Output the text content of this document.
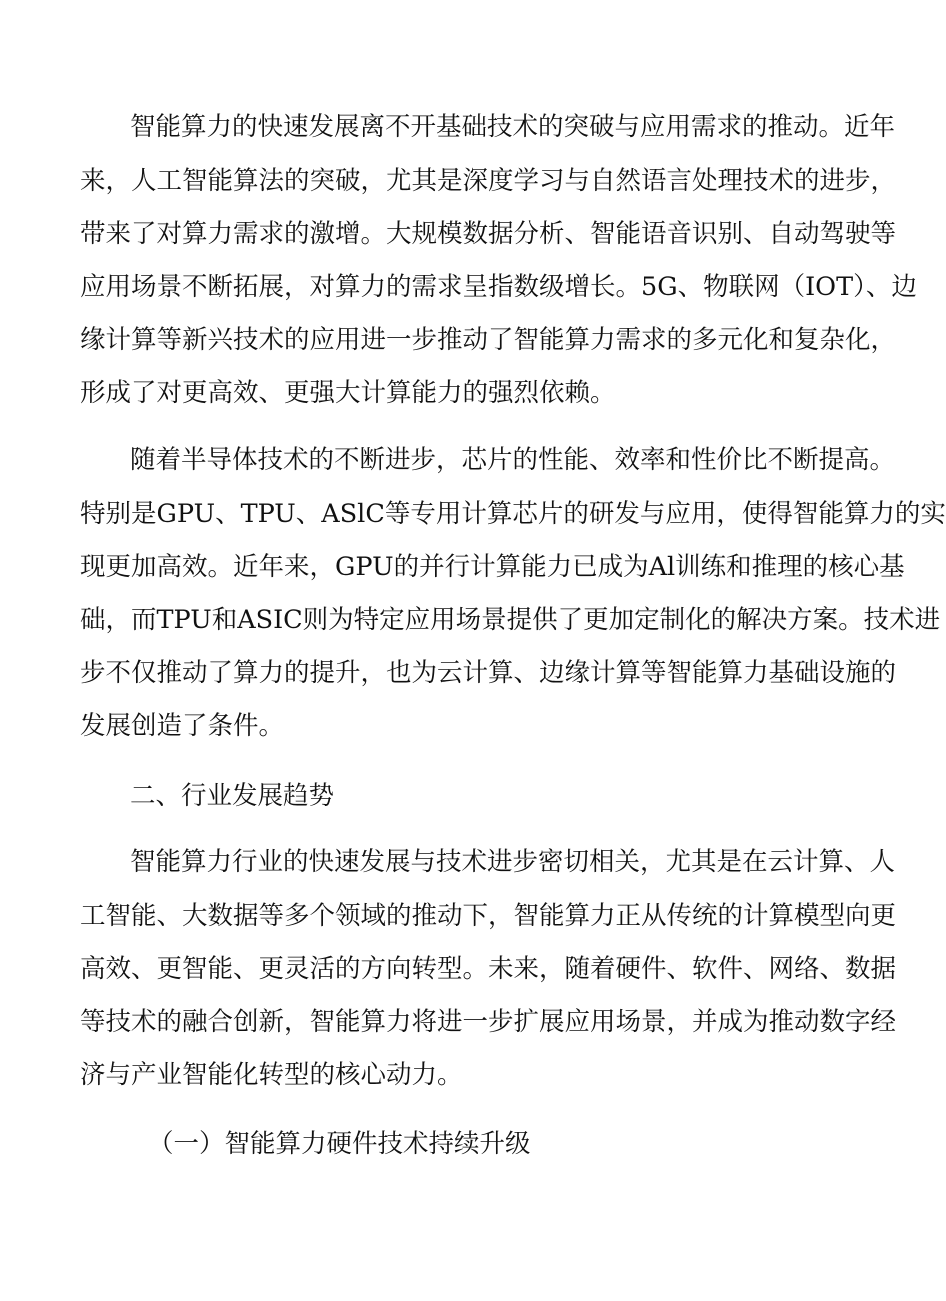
智能算力的快速发展离不开基础技术的突破与应用需求的推动。近年
来，人工智能算法的突破，尤其是深度学习与自然语言处理技术的进步，
带来了对算力需求的激增。大规模数据分析、智能语音识别、自动驾驶等
应用场景不断拓展，对算力的需求呈指数级增长。5G、物联网（IOT）、边
缘计算等新兴技术的应用进一步推动了智能算力需求的多元化和复杂化，
形成了对更高效、更强大计算能力的强烈依赖。
随着半导体技术的不断进步，芯片的性能、效率和性价比不断提高。
特别是GPU、TPU、ASlC等专用计算芯片的研发与应用，使得智能算力的实
现更加高效。近年来，GPU的并行计算能力已成为Al训练和推理的核心基
础，而TPU和ASIC则为特定应用场景提供了更加定制化的解决方案。技术进
步不仅推动了算力的提升，也为云计算、边缘计算等智能算力基础设施的
发展创造了条件。
二、行业发展趋势
智能算力行业的快速发展与技术进步密切相关，尤其是在云计算、人
工智能、大数据等多个领域的推动下，智能算力正从传统的计算模型向更
高效、更智能、更灵活的方向转型。未来，随着硬件、软件、网络、数据
等技术的融合创新，智能算力将进一步扩展应用场景，并成为推动数字经
济与产业智能化转型的核心动力。
（一）智能算力硬件技术持续升级
